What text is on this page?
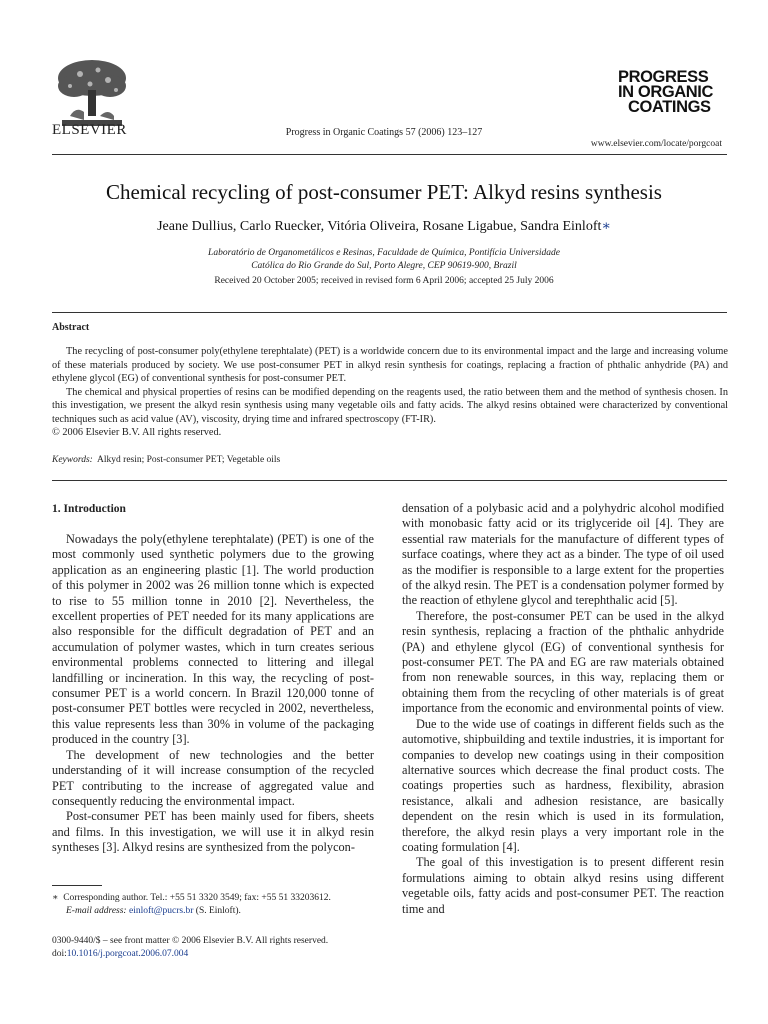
ELSEVIER	Progress in Organic Coatings 57 (2006) 123–127
PROGRESS
IN ORGANIC
COATINGS
www.elsevier.com/locate/porgcoat
Chemical recycling of post-consumer PET: Alkyd resins synthesis
Jeane Dullius, Carlo Ruecker, Vitória Oliveira, Rosane Ligabue, Sandra Einloft∗
Laboratório de Organometálicos e Resinas, Faculdade de Química, Pontifícia Universidade
Católica do Rio Grande do Sul, Porto Alegre, CEP 90619-900, Brazil
Received 20 October 2005; received in revised form 6 April 2006; accepted 25 July 2006
Abstract

The recycling of post-consumer poly(ethylene terephtalate) (PET) is a worldwide concern due to its environmental impact and the large and increasing volume of these materials produced by society. We use post-consumer PET in alkyd resin synthesis for coatings, replacing a fraction of phthalic anhydride (PA) and ethylene glycol (EG) of conventional synthesis for post-consumer PET.

The chemical and physical properties of resins can be modified depending on the reagents used, the ratio between them and the method of synthesis chosen. In this investigation, we present the alkyd resin synthesis using many vegetable oils and fatty acids. The alkyd resins obtained were characterized by conventional techniques such as acid value (AV), viscosity, drying time and infrared spectroscopy (FT-IR).

© 2006 Elsevier B.V. All rights reserved.

Keywords: Alkyd resin; Post-consumer PET; Vegetable oils
1. Introduction

Nowadays the poly(ethylene terephtalate) (PET) is one of the most commonly used synthetic polymers due to the growing application as an engineering plastic [1]. The world production of this polymer in 2002 was 26 million tonne which is expected to rise to 55 million tonne in 2010 [2]. Nevertheless, the excellent properties of PET needed for its many applications are also responsible for the difficult degradation of PET and an accumulation of polymer wastes, which in turn creates serious environmental problems connected to littering and illegal landfilling or incineration. In this way, the recycling of post-consumer PET is a world concern. In Brazil 120,000 tonne of post-consumer PET bottles were recycled in 2002, nevertheless, this value represents less than 30% in volume of the packaging produced in the country [3].

The development of new technologies and the better understanding of it will increase consumption of the recycled PET contributing to the increase of aggregated value and consequently reducing the environmental impact.

Post-consumer PET has been mainly used for fibers, sheets and films. In this investigation, we will use it in alkyd resin syntheses [3]. Alkyd resins are synthesized from the polycon-

densation of a polybasic acid and a polyhydric alcohol modified with monobasic fatty acid or its triglyceride oil [4]. They are essential raw materials for the manufacture of different types of surface coatings, where they act as a binder. The type of oil used as the modifier is responsible to a large extent for the properties of the alkyd resin. The PET is a condensation polymer formed by the reaction of ethylene glycol and terephthalic acid [5].

Therefore, the post-consumer PET can be used in the alkyd resin synthesis, replacing a fraction of the phthalic anhydride (PA) and ethylene glycol (EG) of conventional synthesis for post-consumer PET. The PA and EG are raw materials obtained from non renewable sources, in this way, replacing them or obtaining them from the recycling of other materials is of great importance from the economic and environmental points of view.

Due to the wide use of coatings in different fields such as the automotive, shipbuilding and textile industries, it is important for companies to develop new coatings using in their composition alternative sources which decrease the final product costs. The coatings properties such as hardness, flexibility, abrasion resistance, alkali and adhesion resistance, are basically dependent on the resin which is used in its formulation, therefore, the alkyd resin plays a very important role in the coating formulation [4].

The goal of this investigation is to present different resin formulations aiming to obtain alkyd resins using different vegetable oils, fatty acids and post-consumer PET. The reaction time and

∗ Corresponding author. Tel.: +55 51 3320 3549; fax: +55 51 33203612.
E-mail address: einloft@pucrs.br (S. Einloft).
0300-9440/$ – see front matter © 2006 Elsevier B.V. All rights reserved.
doi:10.1016/j.porgcoat.2006.07.004
